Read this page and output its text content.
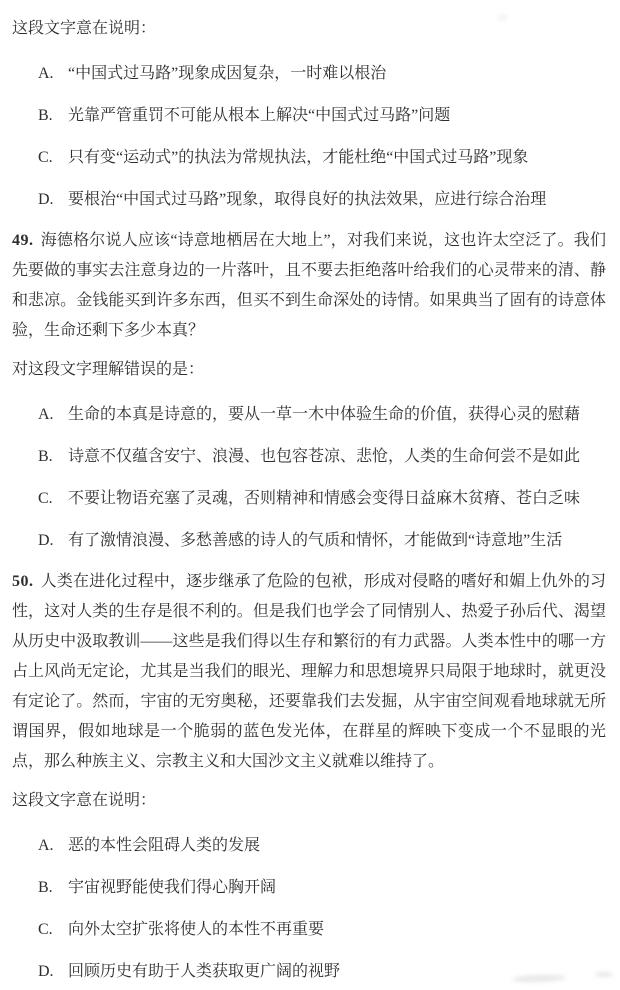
这段文字意在说明：

A. “中国式过马路”现象成因复杂，一时难以根治
B. 光靠严管重罚不可能从根本上解决“中国式过马路”问题
C. 只有变“运动式”的执法为常规执法，才能杜绝“中国式过马路”现象
D. 要根治“中国式过马路”现象，取得良好的执法效果，应进行综合治理

49. 海德格尔说人应该“诗意地栖居在大地上”，对我们来说，这也许太空泛了。我们先要做的事实去注意身边的一片落叶，且不要去拒绝落叶给我们的心灵带来的清、静和悲凉。金钱能买到许多东西，但买不到生命深处的诗情。如果典当了固有的诗意体验，生命还剩下多少本真？

对这段文字理解错误的是：

A. 生命的本真是诗意的，要从一草一木中体验生命的价值，获得心灵的慰藉
B. 诗意不仅蕴含安宁、浪漫、也包容苍凉、悲怆，人类的生命何尝不是如此
C. 不要让物语充塞了灵魂，否则精神和情感会变得日益麻木贫瘠、苍白乏味
D. 有了激情浪漫、多愁善感的诗人的气质和情怀，才能做到“诗意地”生活

50. 人类在进化过程中，逐步继承了危险的包袱，形成对侵略的嗜好和媚上仇外的习性，这对人类的生存是很不利的。但是我们也学会了同情别人、热爱子孙后代、渴望从历史中汲取教训——这些是我们得以生存和繁衍的有力武器。人类本性中的哪一方占上风尚无定论，尤其是当我们的眼光、理解力和思想境界只局限于地球时，就更没有定论了。然而，宇宙的无穷奥秘，还要靠我们去发掘，从宇宙空间观看地球就无所谓国界，假如地球是一个脆弱的蓝色发光体，在群星的辉映下变成一个不显眼的光点，那么种族主义、宗教主义和大国沙文主义就难以维持了。

这段文字意在说明：

A. 恶的本性会阻碍人类的发展
B. 宇宙视野能使我们得心胸开阔
C. 向外太空扩张将使人的本性不再重要
D. 回顾历史有助于人类获取更广阔的视野
